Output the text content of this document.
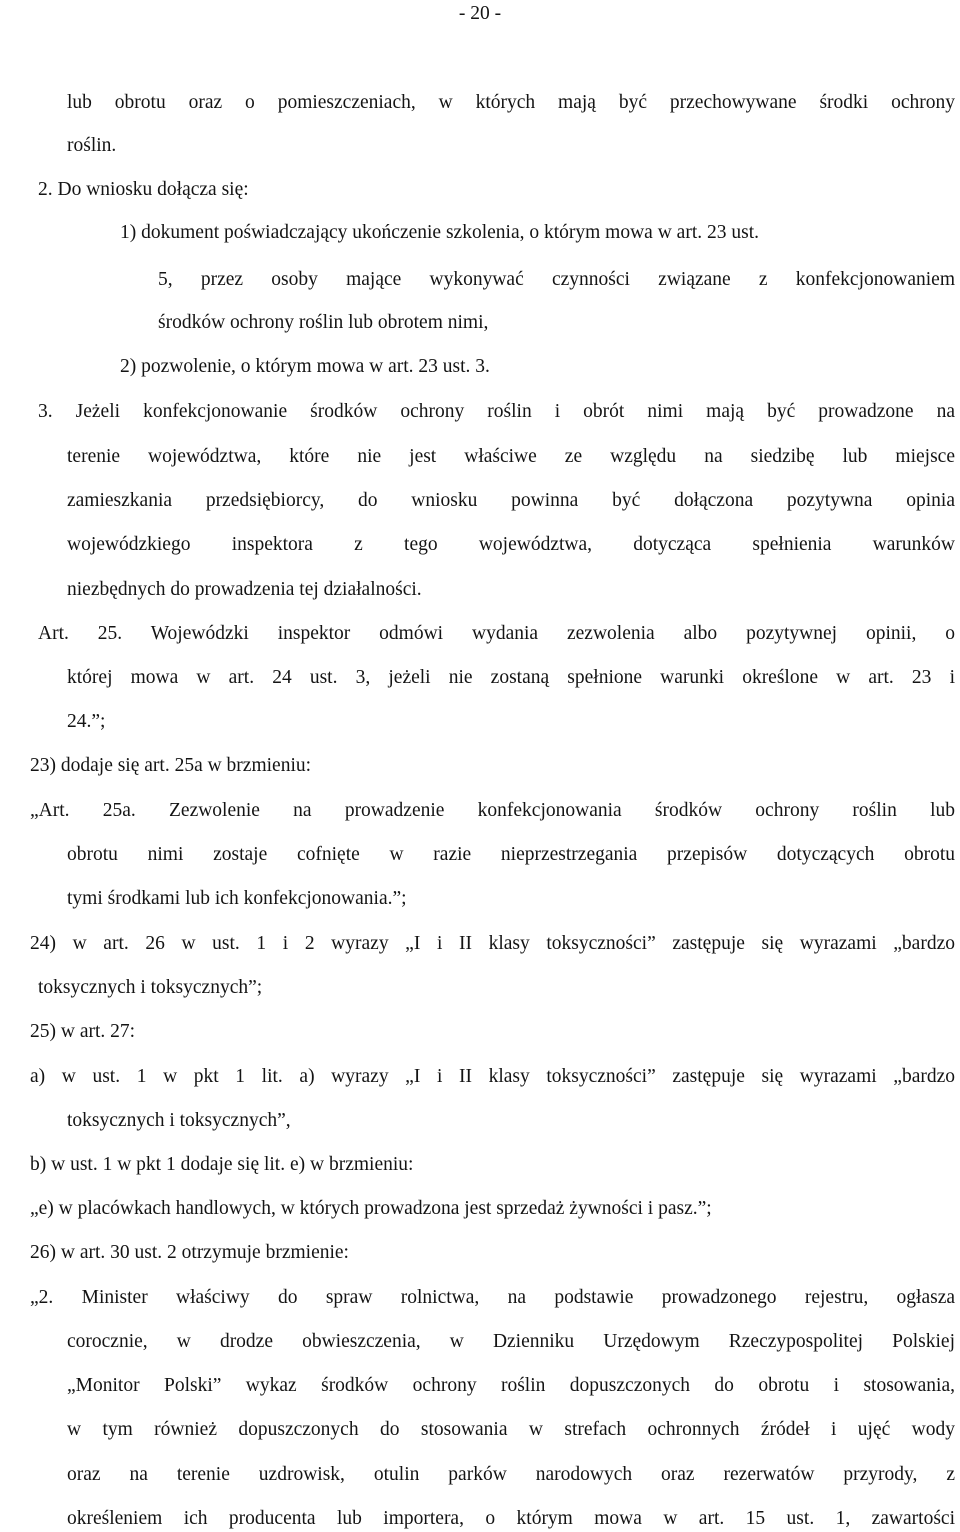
- 20 -
lub obrotu oraz o pomieszczeniach, w których mają być przechowywane środki ochrony
roślin.
2. Do wniosku dołącza się:
1) dokument poświadczający ukończenie szkolenia, o którym mowa w art. 23 ust.
5, przez osoby mające wykonywać czynności związane z konfekcjonowaniem
środków ochrony roślin lub obrotem nimi,
2) pozwolenie, o którym mowa w art. 23 ust. 3.
3. Jeżeli konfekcjonowanie środków ochrony roślin i obrót nimi mają być prowadzone na
terenie województwa, które nie jest właściwe ze względu na siedzibę lub miejsce
zamieszkania przedsiębiorcy, do wniosku powinna być dołączona pozytywna opinia
wojewódzkiego inspektora z tego województwa, dotycząca spełnienia warunków
niezbędnych do prowadzenia tej działalności.
Art. 25. Wojewódzki inspektor odmówi wydania zezwolenia albo pozytywnej opinii, o
której mowa w art. 24 ust. 3, jeżeli nie zostaną spełnione warunki określone w art. 23 i
24.”;
23) dodaje się art. 25a w brzmieniu:
„Art. 25a. Zezwolenie na prowadzenie konfekcjonowania środków ochrony roślin lub
obrotu nimi zostaje cofnięte w razie nieprzestrzegania przepisów dotyczących obrotu
tymi środkami lub ich konfekcjonowania.”;
24) w art. 26 w ust. 1 i 2 wyrazy „I i II klasy toksyczności” zastępuje się wyrazami „bardzo
toksycznych i toksycznych”;
25) w art. 27:
a) w ust. 1 w pkt 1 lit. a) wyrazy „I i II klasy toksyczności” zastępuje się wyrazami „bardzo
toksycznych i toksycznych”,
b) w ust. 1 w pkt 1 dodaje się lit. e) w brzmieniu:
„e) w placówkach handlowych, w których prowadzona jest sprzedaż żywności i pasz.”;
26) w art. 30 ust. 2 otrzymuje brzmienie:
„2. Minister właściwy do spraw rolnictwa, na podstawie prowadzonego rejestru, ogłasza
corocznie, w drodze obwieszczenia, w Dzienniku Urzędowym Rzeczypospolitej Polskiej
„Monitor Polski” wykaz środków ochrony roślin dopuszczonych do obrotu i stosowania,
w tym również dopuszczonych do stosowania w strefach ochronnych źródeł i ujęć wody
oraz na terenie uzdrowisk, otulin parków narodowych oraz rezerwatów przyrody, z
określeniem ich producenta lub importera, o którym mowa w art. 15 ust. 1, zawartości
